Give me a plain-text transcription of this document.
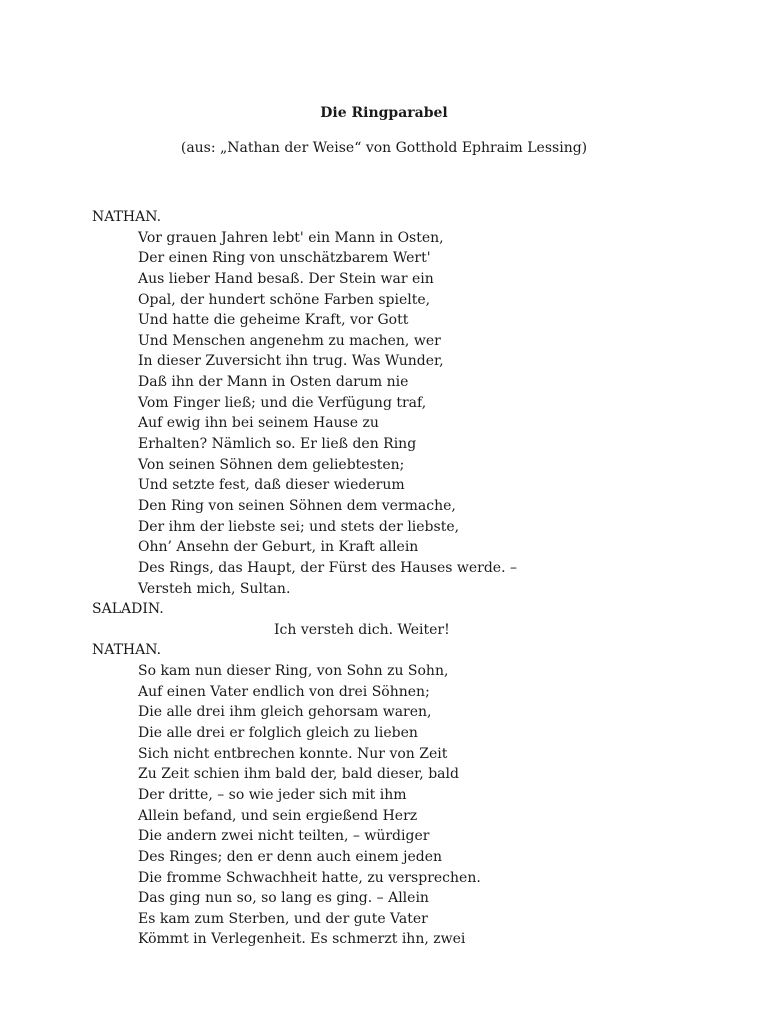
Die Ringparabel
(aus: „Nathan der Weise“ von Gotthold Ephraim Lessing)
NATHAN.
Vor grauen Jahren lebt' ein Mann in Osten,
Der einen Ring von unschätzbarem Wert'
Aus lieber Hand besaß. Der Stein war ein
Opal, der hundert schöne Farben spielte,
Und hatte die geheime Kraft, vor Gott
Und Menschen angenehm zu machen, wer
In dieser Zuversicht ihn trug. Was Wunder,
Daß ihn der Mann in Osten darum nie
Vom Finger ließ; und die Verfügung traf,
Auf ewig ihn bei seinem Hause zu
Erhalten? Nämlich so. Er ließ den Ring
Von seinen Söhnen dem geliebtesten;
Und setzte fest, daß dieser wiederum
Den Ring von seinen Söhnen dem vermache,
Der ihm der liebste sei; und stets der liebste,
Ohn’ Ansehn der Geburt, in Kraft allein
Des Rings, das Haupt, der Fürst des Hauses werde. –
Versteh mich, Sultan.
SALADIN.
Ich versteh dich. Weiter!
NATHAN.
So kam nun dieser Ring, von Sohn zu Sohn,
Auf einen Vater endlich von drei Söhnen;
Die alle drei ihm gleich gehorsam waren,
Die alle drei er folglich gleich zu lieben
Sich nicht entbrechen konnte. Nur von Zeit
Zu Zeit schien ihm bald der, bald dieser, bald
Der dritte, – so wie jeder sich mit ihm
Allein befand, und sein ergießend Herz
Die andern zwei nicht teilten, – würdiger
Des Ringes; den er denn auch einem jeden
Die fromme Schwachheit hatte, zu versprechen.
Das ging nun so, so lang es ging. – Allein
Es kam zum Sterben, und der gute Vater
Kömmt in Verlegenheit. Es schmerzt ihn, zwei
